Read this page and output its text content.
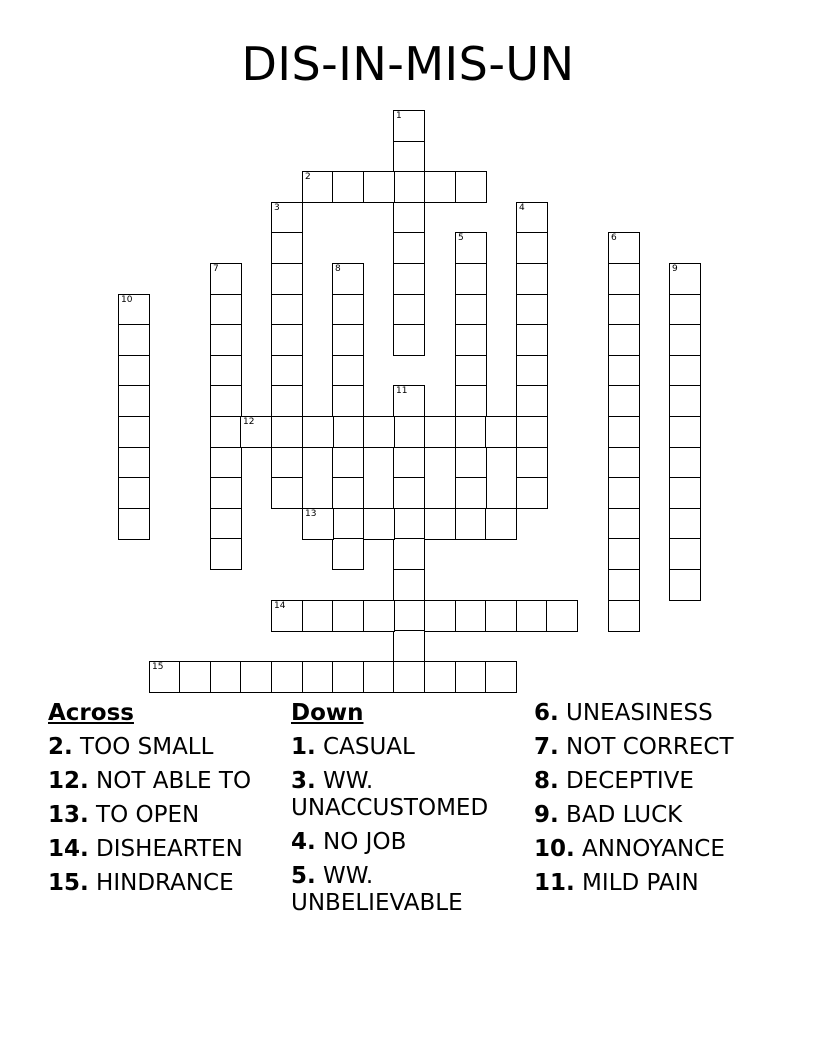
DIS-IN-MIS-UN
1
2
3	4
5	6
7	8	9
10
11
12
13
14
15
Across
2. TOO SMALL
12. NOT ABLE TO
13. TO OPEN
14. DISHEARTEN
15. HINDRANCE
Down
1. CASUAL
3. WW. UNACCUSTOMED
4. NO JOB
5. WW. UNBELIEVABLE
6. UNEASINESS
7. NOT CORRECT
8. DECEPTIVE
9. BAD LUCK
10. ANNOYANCE
11. MILD PAIN
